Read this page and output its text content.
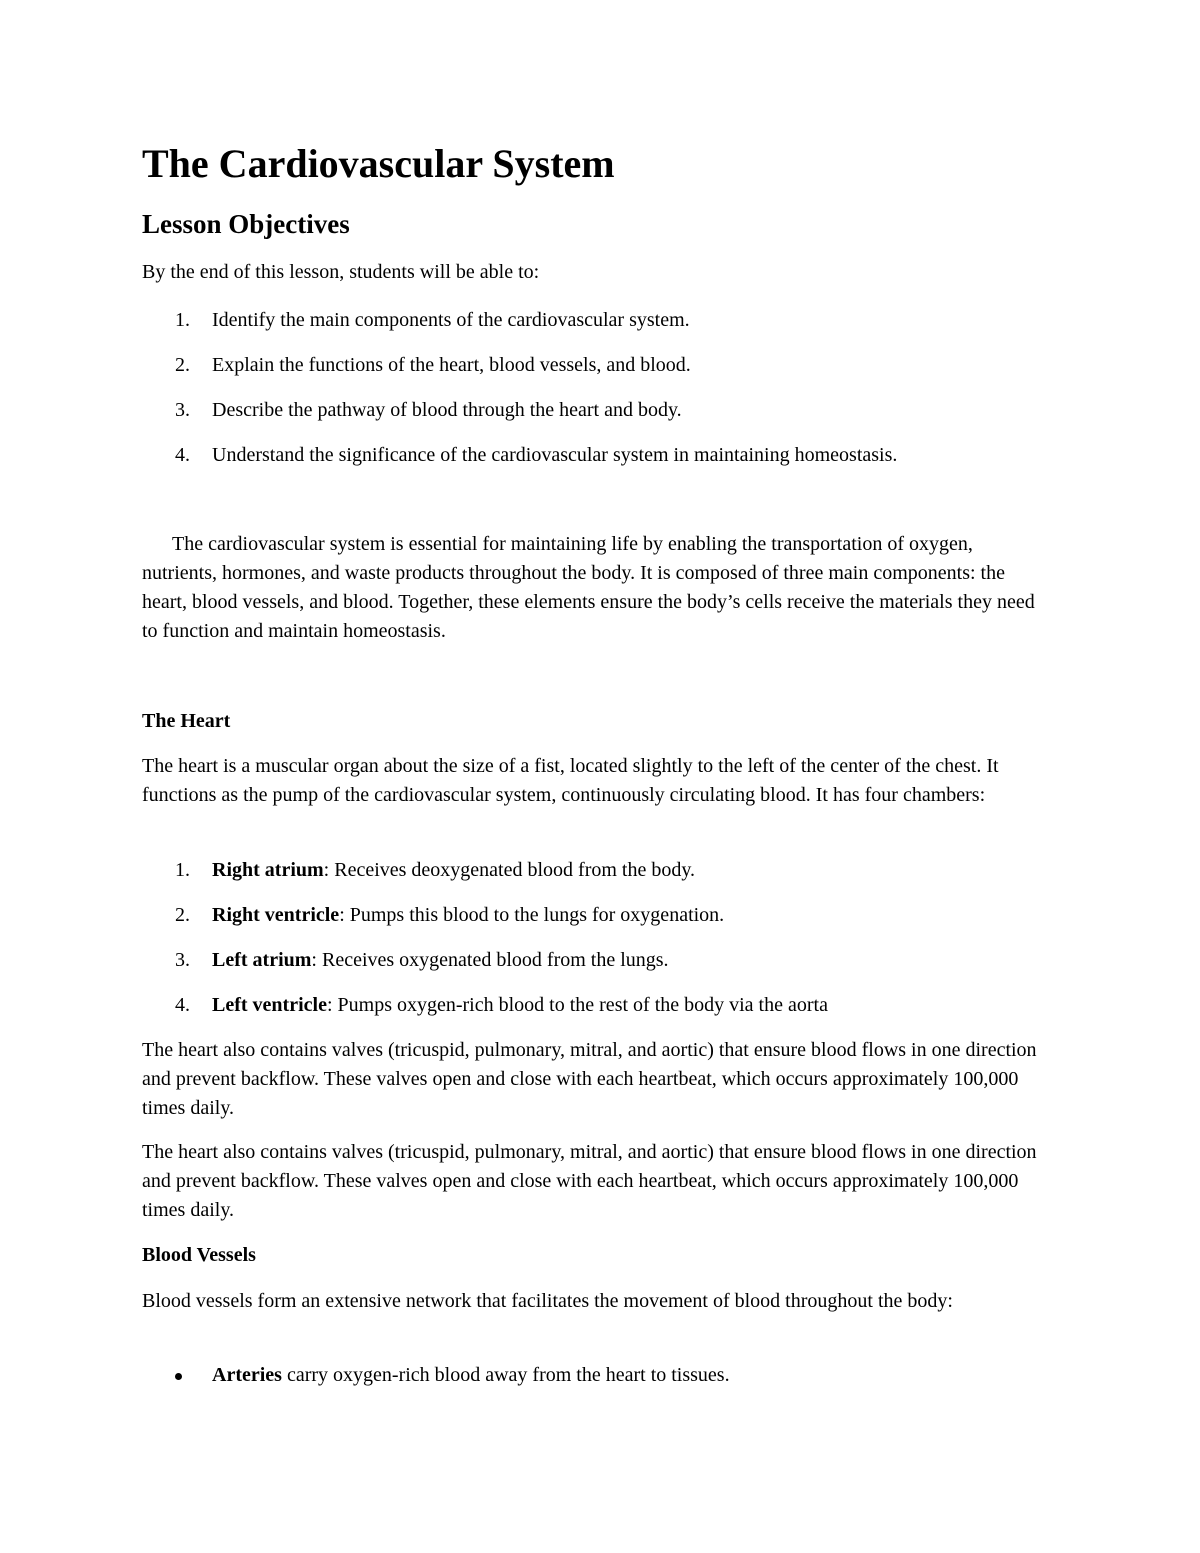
The Cardiovascular System
Lesson Objectives

By the end of this lesson, students will be able to:

1.	Identify the main components of the cardiovascular system.
2.	Explain the functions of the heart, blood vessels, and blood.
3.	Describe the pathway of blood through the heart and body.
4.	Understand the significance of the cardiovascular system in maintaining homeostasis.

The cardiovascular system is essential for maintaining life by enabling the transportation of oxygen, nutrients, hormones, and waste products throughout the body. It is composed of three main components: the heart, blood vessels, and blood. Together, these elements ensure the body’s cells receive the materials they need to function and maintain homeostasis.

The Heart

The heart is a muscular organ about the size of a fist, located slightly to the left of the center of the chest. It functions as the pump of the cardiovascular system, continuously circulating blood. It has four chambers:

1.	Right atrium: Receives deoxygenated blood from the body.
2.	Right ventricle: Pumps this blood to the lungs for oxygenation.
3.	Left atrium: Receives oxygenated blood from the lungs.
4.	Left ventricle: Pumps oxygen-rich blood to the rest of the body via the aorta

The heart also contains valves (tricuspid, pulmonary, mitral, and aortic) that ensure blood flows in one direction and prevent backflow. These valves open and close with each heartbeat, which occurs approximately 100,000 times daily.

The heart also contains valves (tricuspid, pulmonary, mitral, and aortic) that ensure blood flows in one direction and prevent backflow. These valves open and close with each heartbeat, which occurs approximately 100,000 times daily.

Blood Vessels

Blood vessels form an extensive network that facilitates the movement of blood throughout the body:

Arteries carry oxygen-rich blood away from the heart to tissues.
